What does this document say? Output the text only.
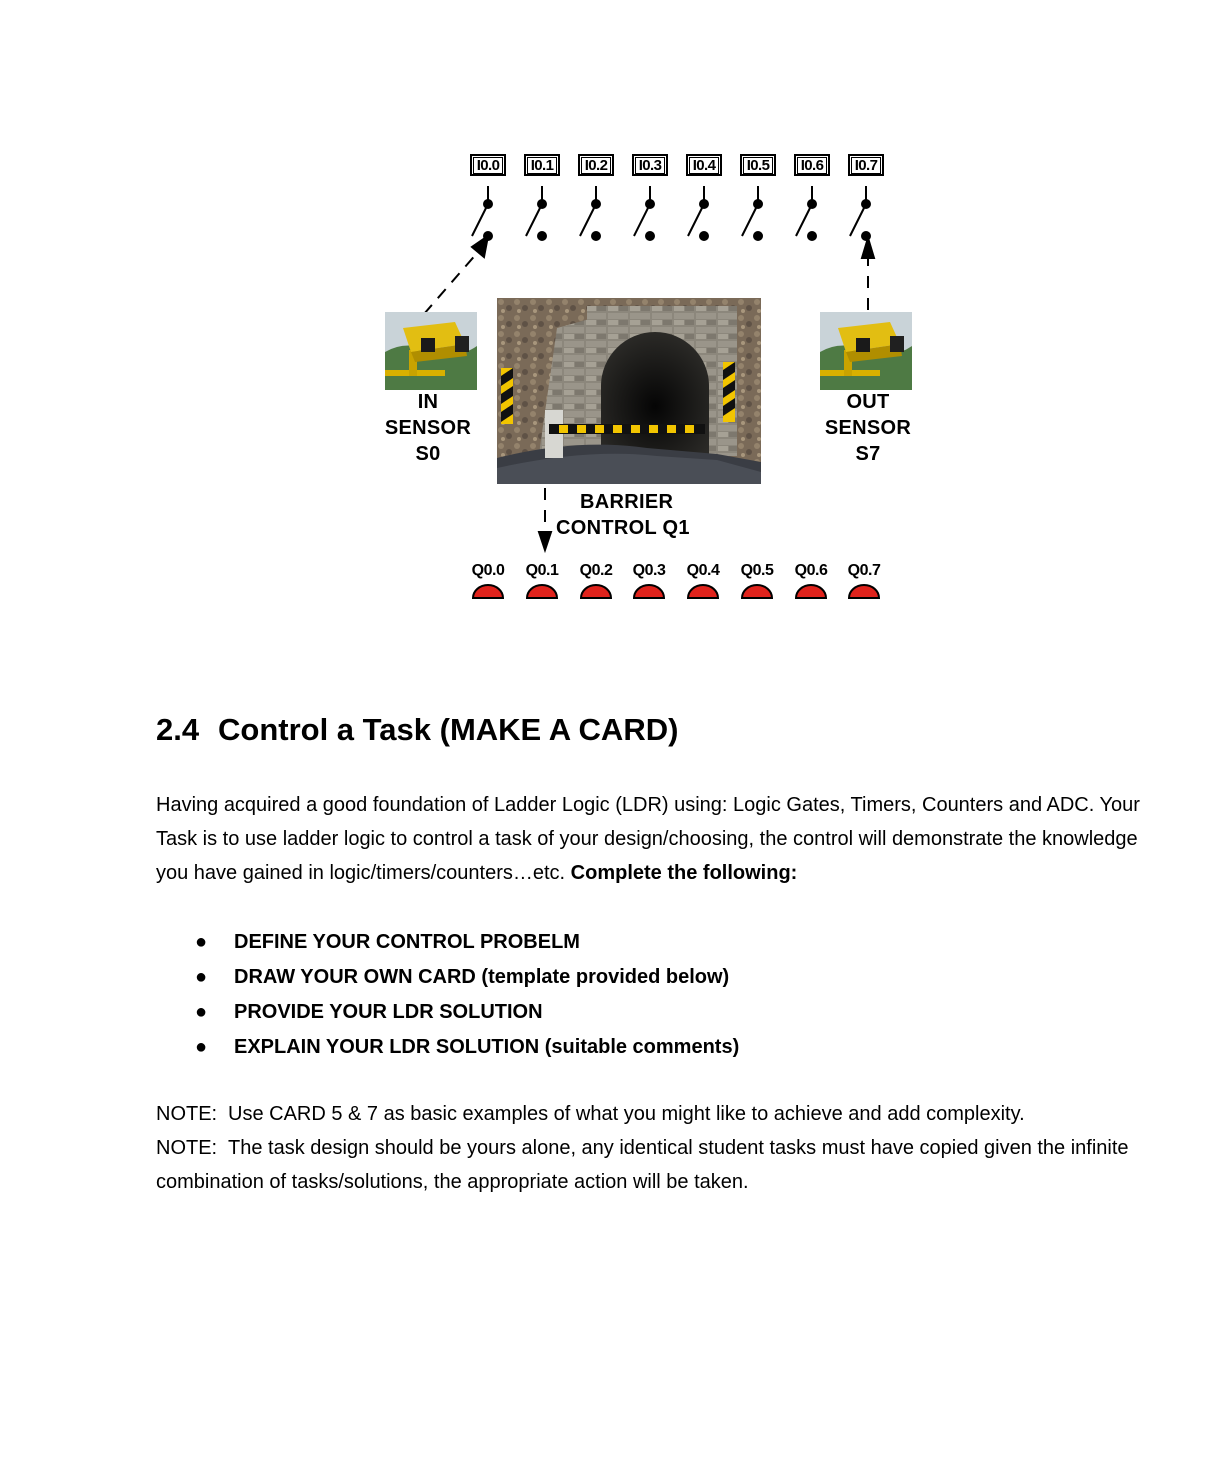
I0.0 I0.1 I0.2 I0.3 I0.4 I0.5 I0.6 I0.7
IN
SENSOR
S0
OUT
SENSOR
S7
BARRIER
CONTROL Q1
Q0.0	Q0.1	Q0.2	Q0.3	Q0.4	Q0.5	Q0.6	Q0.7
2.4 Control a Task (MAKE A CARD)

Having acquired a good foundation of Ladder Logic (LDR) using: Logic Gates, Timers, Counters and ADC. Your Task is to use ladder logic to control a task of your design/choosing, the control will demonstrate the knowledge you have gained in logic/timers/counters…etc. Complete the following:

● DEFINE YOUR CONTROL PROBELM
● DRAW YOUR OWN CARD (template provided below)
● PROVIDE YOUR LDR SOLUTION
● EXPLAIN YOUR LDR SOLUTION (suitable comments)

NOTE: Use CARD 5 & 7 as basic examples of what you might like to achieve and add complexity.
NOTE: The task design should be yours alone, any identical student tasks must have copied given the infinite combination of tasks/solutions, the appropriate action will be taken.
